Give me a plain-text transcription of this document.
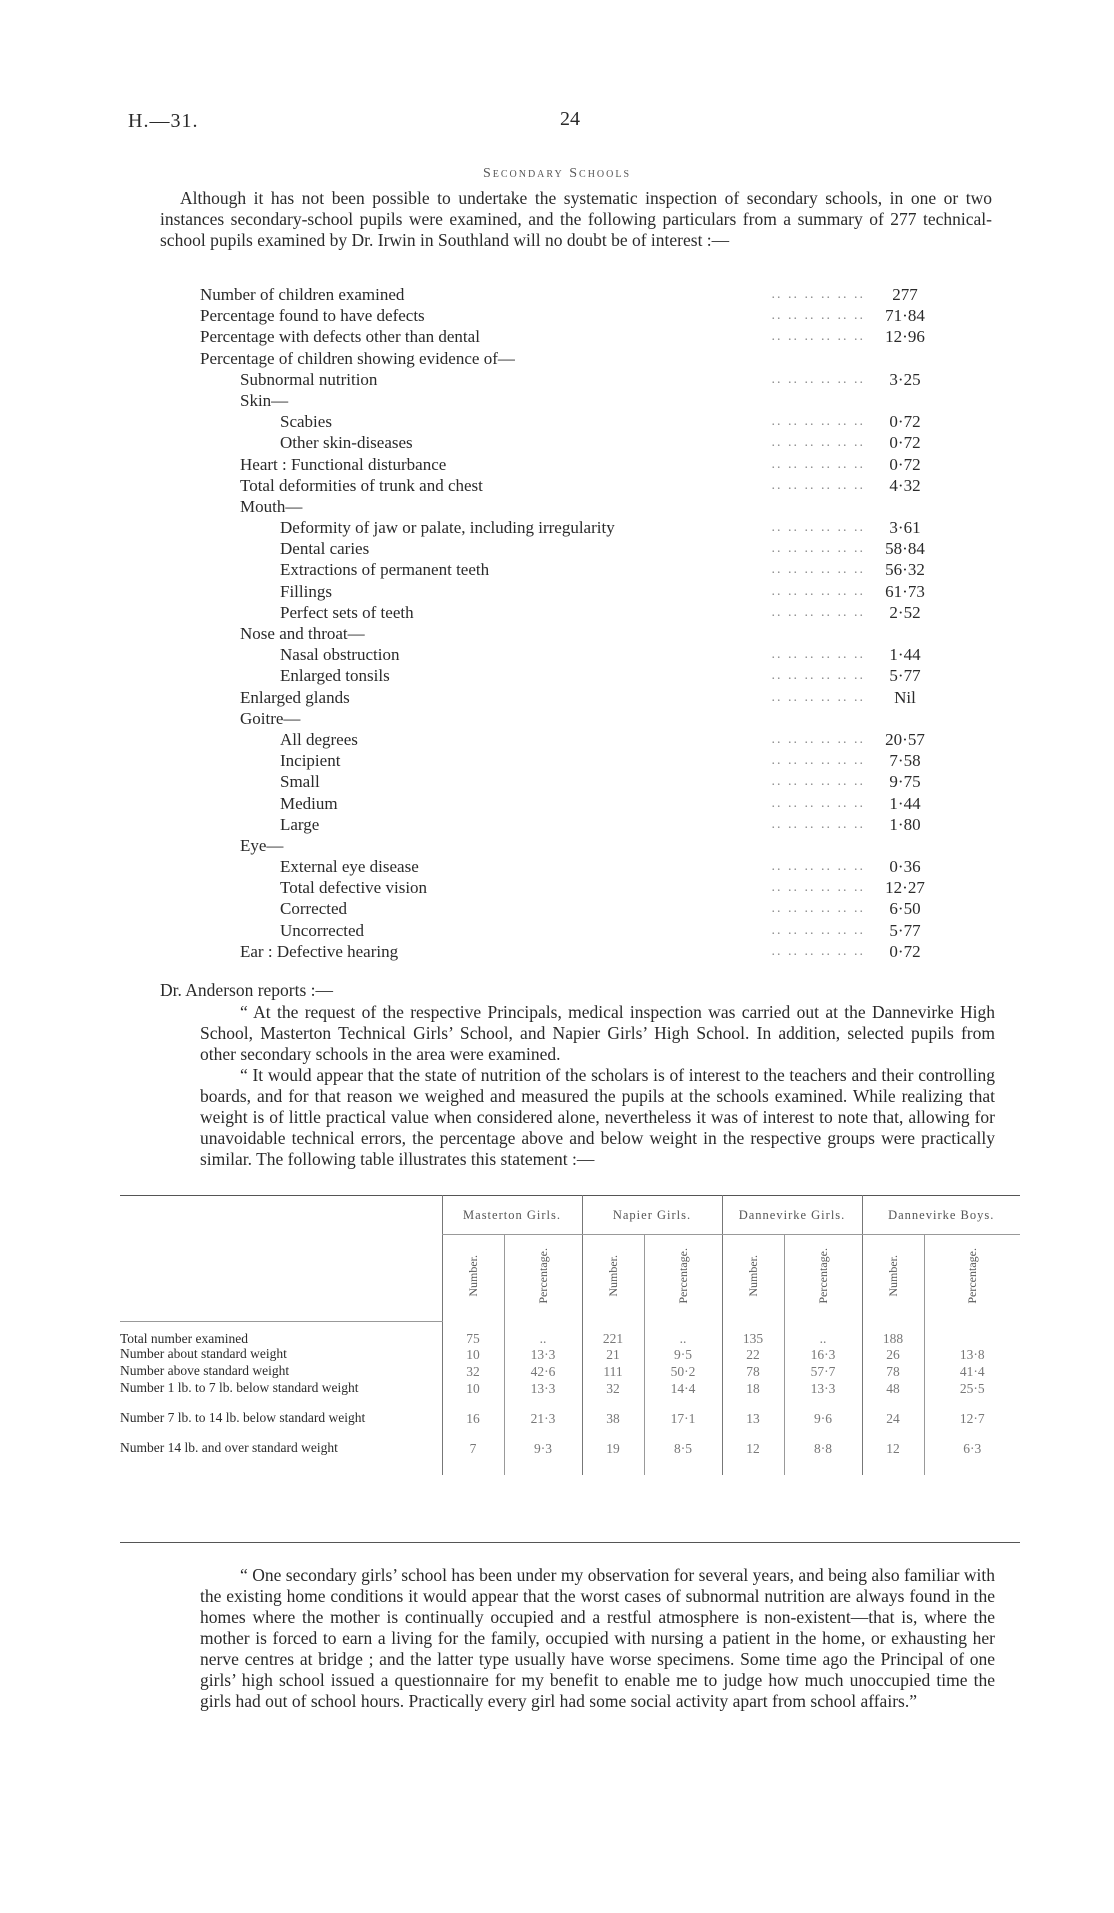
H.—31.	24
Secondary Schools
Although it has not been possible to undertake the systematic inspection of secondary schools, in one or two instances secondary-school pupils were examined, and the following particulars from a summary of 277 technical-school pupils examined by Dr. Irwin in Southland will no doubt be of interest :—
Number of children examined	.. .. .. .. .. ..	277
Percentage found to have defects	.. .. .. .. .. ..	71·84
Percentage with defects other than dental	.. .. .. .. .. ..	12·96
Percentage of children showing evidence of—
Subnormal nutrition	.. .. .. .. .. ..	3·25
Skin—
Scabies	.. .. .. .. .. ..	0·72
Other skin-diseases	.. .. .. .. .. ..	0·72
Heart : Functional disturbance	.. .. .. .. .. ..	0·72
Total deformities of trunk and chest	.. .. .. .. .. ..	4·32
Mouth—
Deformity of jaw or palate, including irregularity	.. .. .. .. .. ..	3·61
Dental caries	.. .. .. .. .. ..	58·84
Extractions of permanent teeth	.. .. .. .. .. ..	56·32
Fillings	.. .. .. .. .. ..	61·73
Perfect sets of teeth	.. .. .. .. .. ..	2·52
Nose and throat—
Nasal obstruction	.. .. .. .. .. ..	1·44
Enlarged tonsils	.. .. .. .. .. ..	5·77
Enlarged glands	.. .. .. .. .. ..	Nil
Goitre—
All degrees	.. .. .. .. .. ..	20·57
Incipient	.. .. .. .. .. ..	7·58
Small	.. .. .. .. .. ..	9·75
Medium	.. .. .. .. .. ..	1·44
Large	.. .. .. .. .. ..	1·80
Eye—
External eye disease	.. .. .. .. .. ..	0·36
Total defective vision	.. .. .. .. .. ..	12·27
Corrected	.. .. .. .. .. ..	6·50
Uncorrected	.. .. .. .. .. ..	5·77
Ear : Defective hearing	.. .. .. .. .. ..	0·72
Dr. Anderson reports :—
“ At the request of the respective Principals, medical inspection was carried out at the Dannevirke High School, Masterton Technical Girls’ School, and Napier Girls’ High School. In addition, selected pupils from other secondary schools in the area were examined.
“ It would appear that the state of nutrition of the scholars is of interest to the teachers and their controlling boards, and for that reason we weighed and measured the pupils at the schools examined. While realizing that weight is of little practical value when considered alone, nevertheless it was of interest to note that, allowing for unavoidable technical errors, the percentage above and below weight in the respective groups were practically similar. The following table illustrates this statement :—
	Masterton Girls.		Napier Girls.		Dannevirke Girls.		Dannevirke Boys.	
	Number.	Percentage.	Number.	Percentage.	Number.	Percentage.	Number.	Percentage.
Total number examined	75	..	221	..	135	..	188	
Number about standard weight	10	13·3	21	9·5	22	16·3	26	13·8
Number above standard weight	32	42·6	111	50·2	78	57·7	78	41·4
Number 1 lb. to 7 lb. below standard weight	10	13·3	32	14·4	18	13·3	48	25·5
Number 7 lb. to 14 lb. below standard weight	16	21·3	38	17·1	13	9·6	24	12·7
Number 14 lb. and over standard weight	7	9·3	19	8·5	12	8·8	12	6·3
“ One secondary girls’ school has been under my observation for several years, and being also familiar with the existing home conditions it would appear that the worst cases of subnormal nutrition are always found in the homes where the mother is continually occupied and a restful atmosphere is non-existent—that is, where the mother is forced to earn a living for the family, occupied with nursing a patient in the home, or exhausting her nerve centres at bridge ; and the latter type usually have worse specimens. Some time ago the Principal of one girls’ high school issued a questionnaire for my benefit to enable me to judge how much unoccupied time the girls had out of school hours. Practically every girl had some social activity apart from school affairs.”
